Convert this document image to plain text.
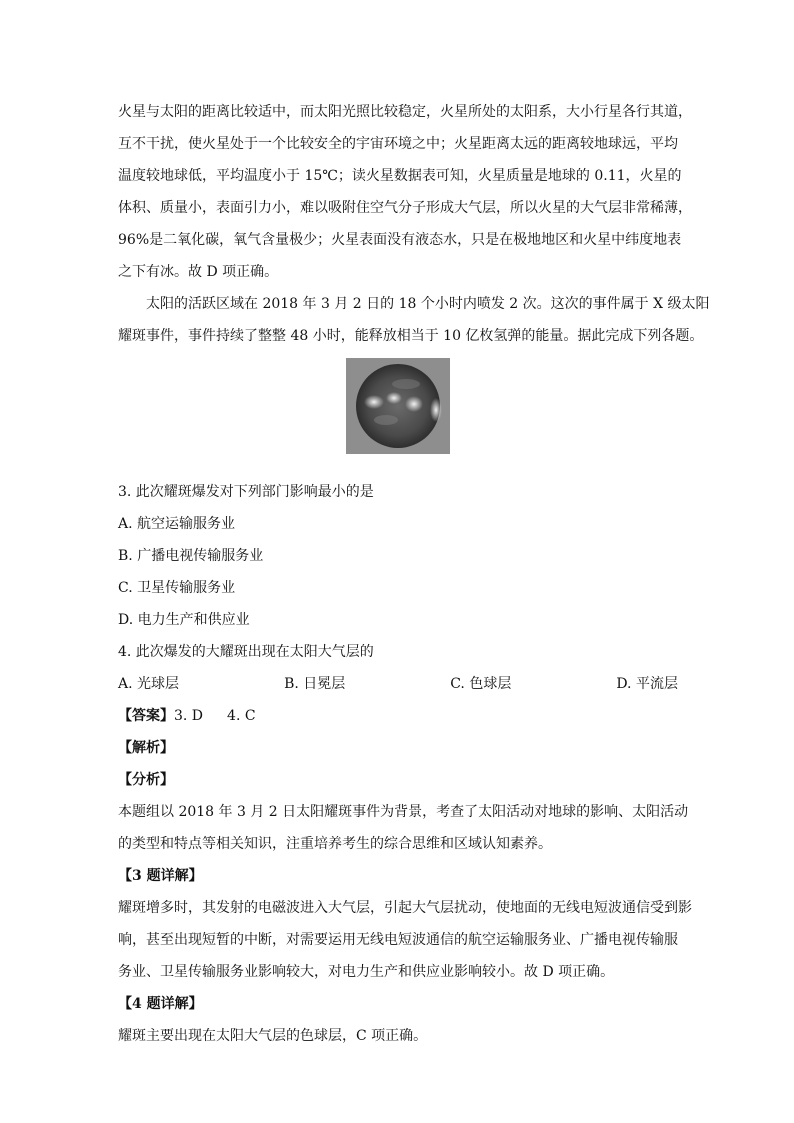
火星与太阳的距离比较适中，而太阳光照比较稳定，火星所处的太阳系，大小行星各行其道，
互不干扰，使火星处于一个比较安全的宇宙环境之中；火星距离太远的距离较地球远，平均
温度较地球低，平均温度小于 15℃；读火星数据表可知，火星质量是地球的 0.11，火星的
体积、质量小，表面引力小，难以吸附住空气分子形成大气层，所以火星的大气层非常稀薄，
96%是二氧化碳，氧气含量极少；火星表面没有液态水，只是在极地地区和火星中纬度地表
之下有冰。故 D 项正确。
太阳的活跃区域在 2018 年 3 月 2 日的 18 个小时内喷发 2 次。这次的事件属于 X 级太阳
耀斑事件，事件持续了整整 48 小时，能释放相当于 10 亿枚氢弹的能量。据此完成下列各题。
3. 此次耀斑爆发对下列部门影响最小的是
A. 航空运输服务业
B. 广播电视传输服务业
C. 卫星传输服务业
D. 电力生产和供应业
4. 此次爆发的大耀斑出现在太阳大气层的
A. 光球层	B. 日冕层	C. 色球层	D. 平流层
【答案】3. D 4. C
【解析】
【分析】
本题组以 2018 年 3 月 2 日太阳耀斑事件为背景，考查了太阳活动对地球的影响、太阳活动
的类型和特点等相关知识，注重培养考生的综合思维和区域认知素养。
【3 题详解】
耀斑增多时，其发射的电磁波进入大气层，引起大气层扰动，使地面的无线电短波通信受到影
响，甚至出现短暂的中断，对需要运用无线电短波通信的航空运输服务业、广播电视传输服
务业、卫星传输服务业影响较大，对电力生产和供应业影响较小。故 D 项正确。
【4 题详解】
耀斑主要出现在太阳大气层的色球层，C 项正确。
